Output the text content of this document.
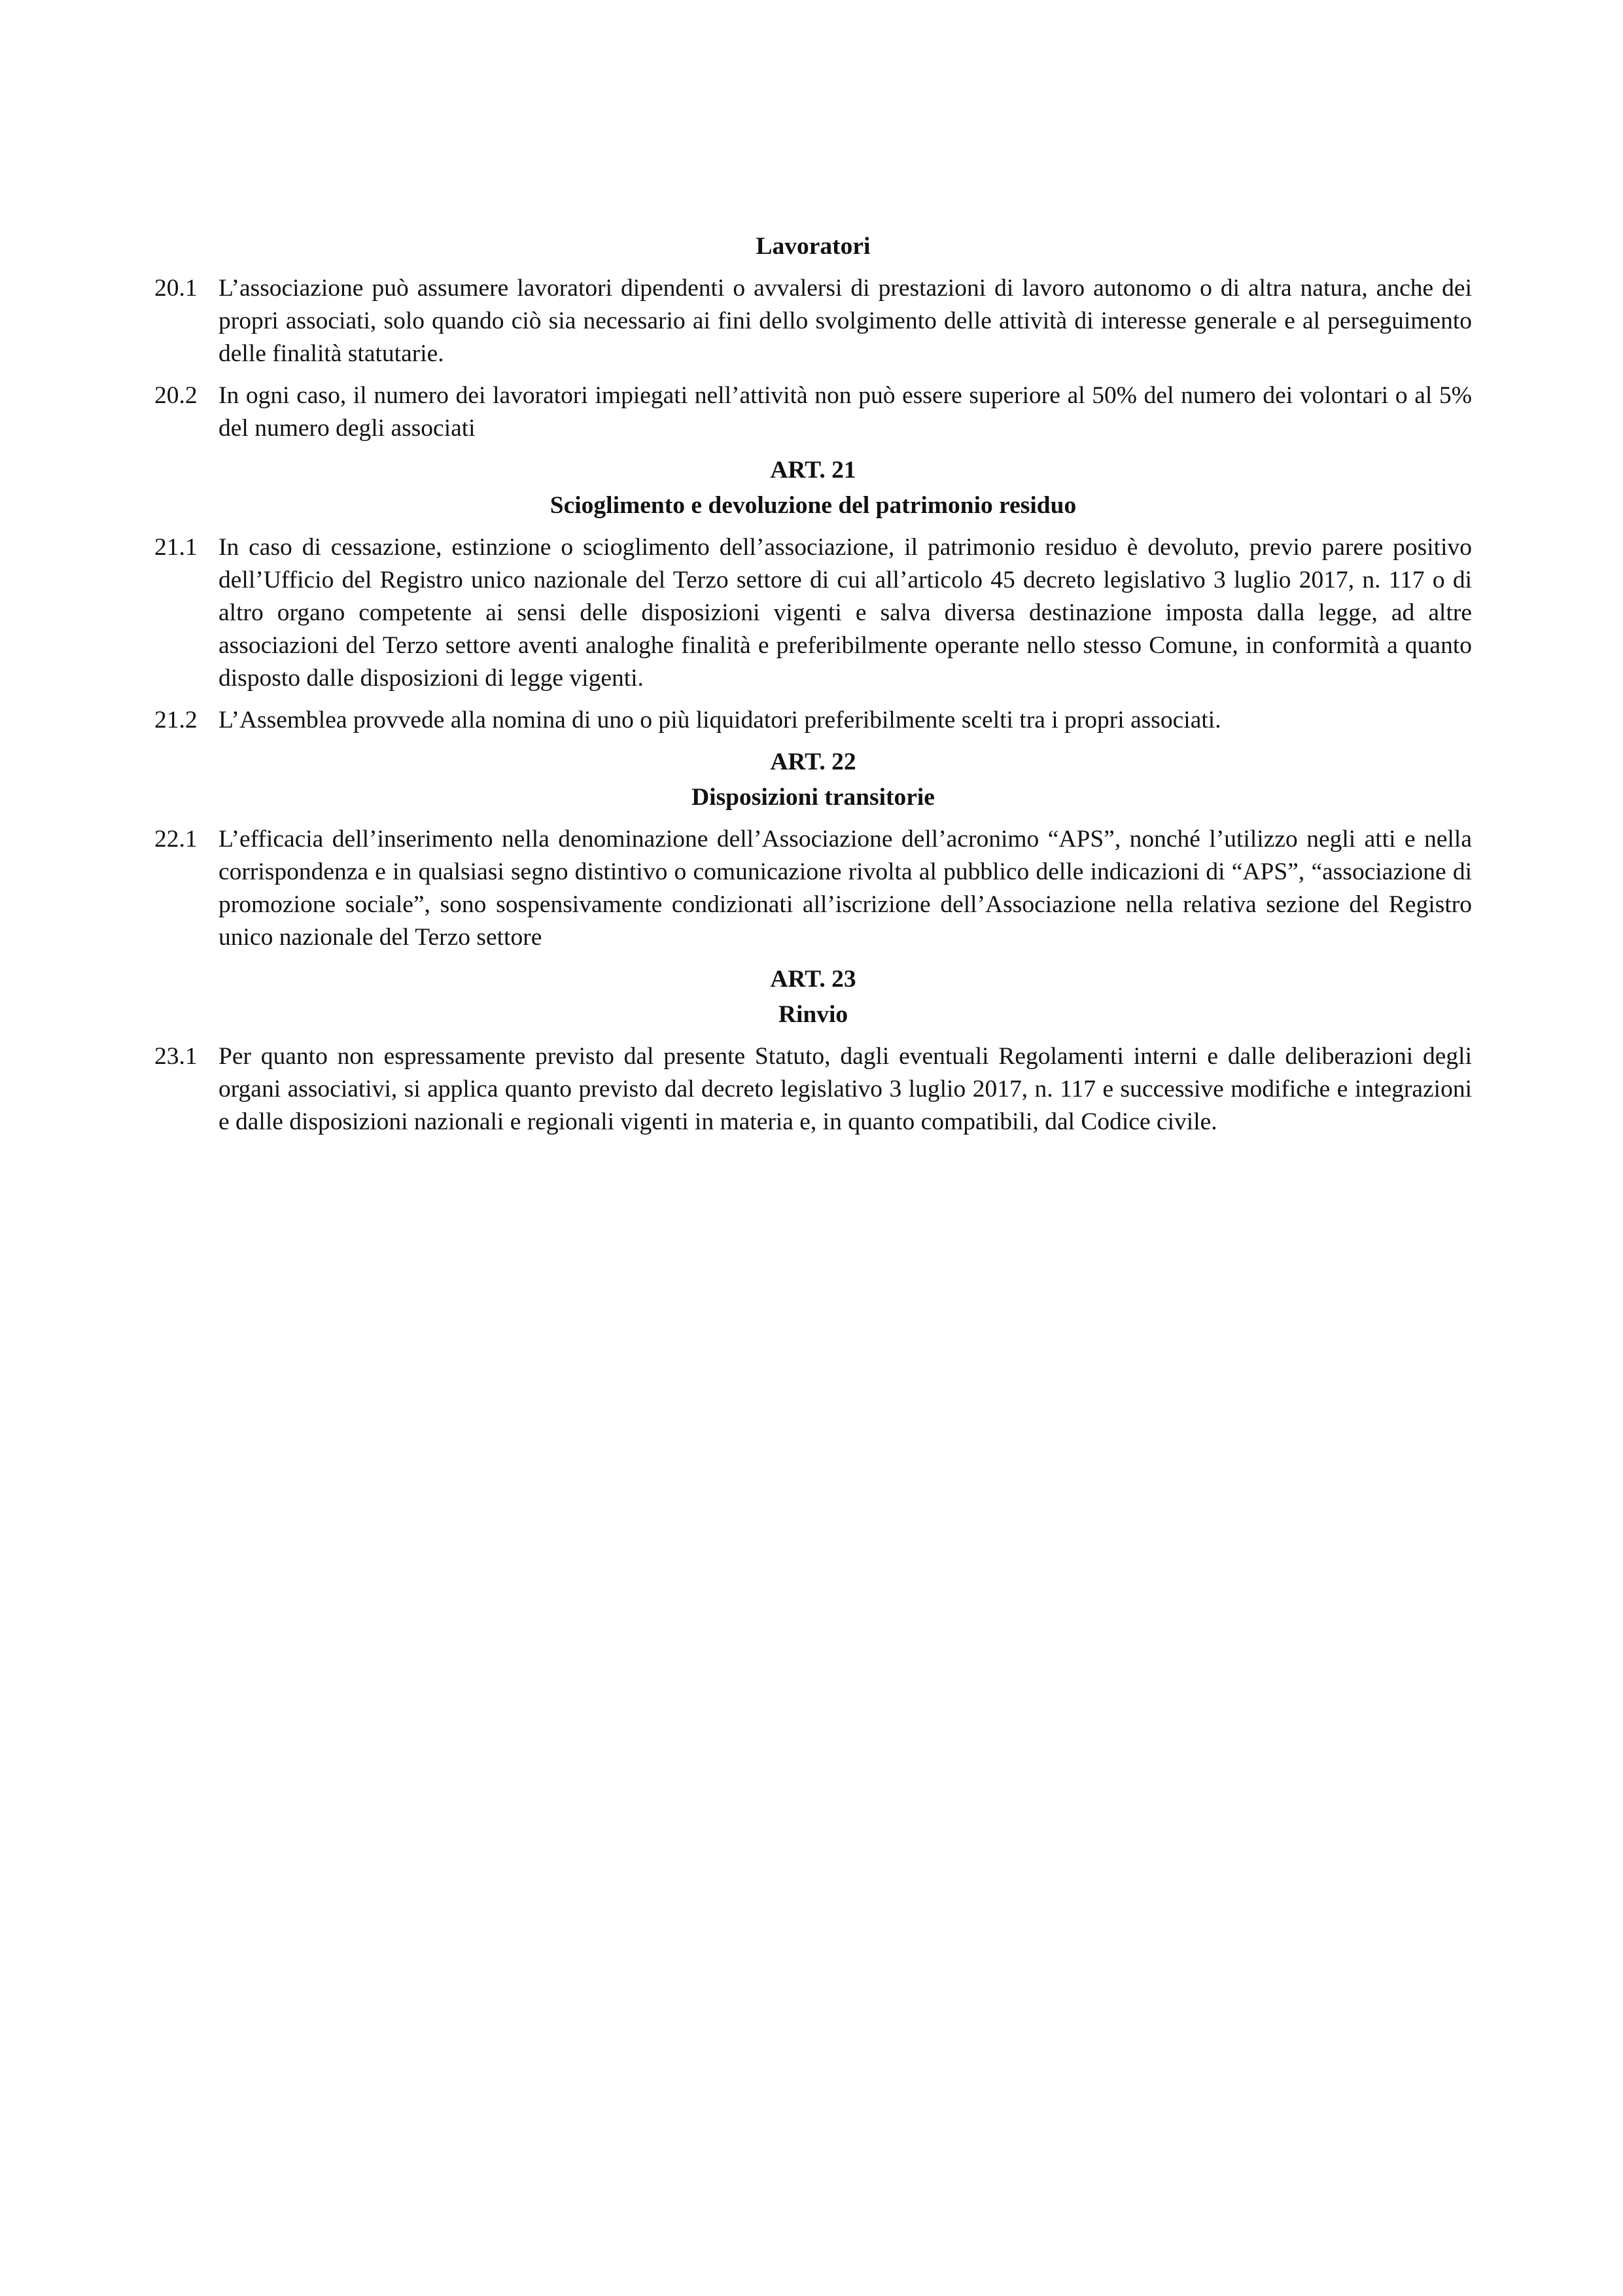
Lavoratori
20.1 L’associazione può assumere lavoratori dipendenti o avvalersi di prestazioni di lavoro autonomo o di altra natura, anche dei propri associati, solo quando ciò sia necessario ai fini dello svolgimento delle attività di interesse generale e al perseguimento delle finalità statutarie.
20.2 In ogni caso, il numero dei lavoratori impiegati nell’attività non può essere superiore al 50% del numero dei volontari o al 5% del numero degli associati
ART. 21
Scioglimento e devoluzione del patrimonio residuo
21.1 In caso di cessazione, estinzione o scioglimento dell’associazione, il patrimonio residuo è devoluto, previo parere positivo dell’Ufficio del Registro unico nazionale del Terzo settore di cui all’articolo 45 decreto legislativo 3 luglio 2017, n. 117 o di altro organo competente ai sensi delle disposizioni vigenti e salva diversa destinazione imposta dalla legge, ad altre associazioni del Terzo settore aventi analoghe finalità e preferibilmente operante nello stesso Comune, in conformità a quanto disposto dalle disposizioni di legge vigenti.
21.2 L’Assemblea provvede alla nomina di uno o più liquidatori preferibilmente scelti tra i propri associati.
ART. 22
Disposizioni transitorie
22.1 L’efficacia dell’inserimento nella denominazione dell’Associazione dell’acronimo “APS”, nonché l’utilizzo negli atti e nella corrispondenza e in qualsiasi segno distintivo o comunicazione rivolta al pubblico delle indicazioni di “APS”, “associazione di promozione sociale”, sono sospensivamente condizionati all’iscrizione dell’Associazione nella relativa sezione del Registro unico nazionale del Terzo settore
ART. 23
Rinvio
23.1 Per quanto non espressamente previsto dal presente Statuto, dagli eventuali Regolamenti interni e dalle deliberazioni degli organi associativi, si applica quanto previsto dal decreto legislativo 3 luglio 2017, n. 117 e successive modifiche e integrazioni e dalle disposizioni nazionali e regionali vigenti in materia e, in quanto compatibili, dal Codice civile.
